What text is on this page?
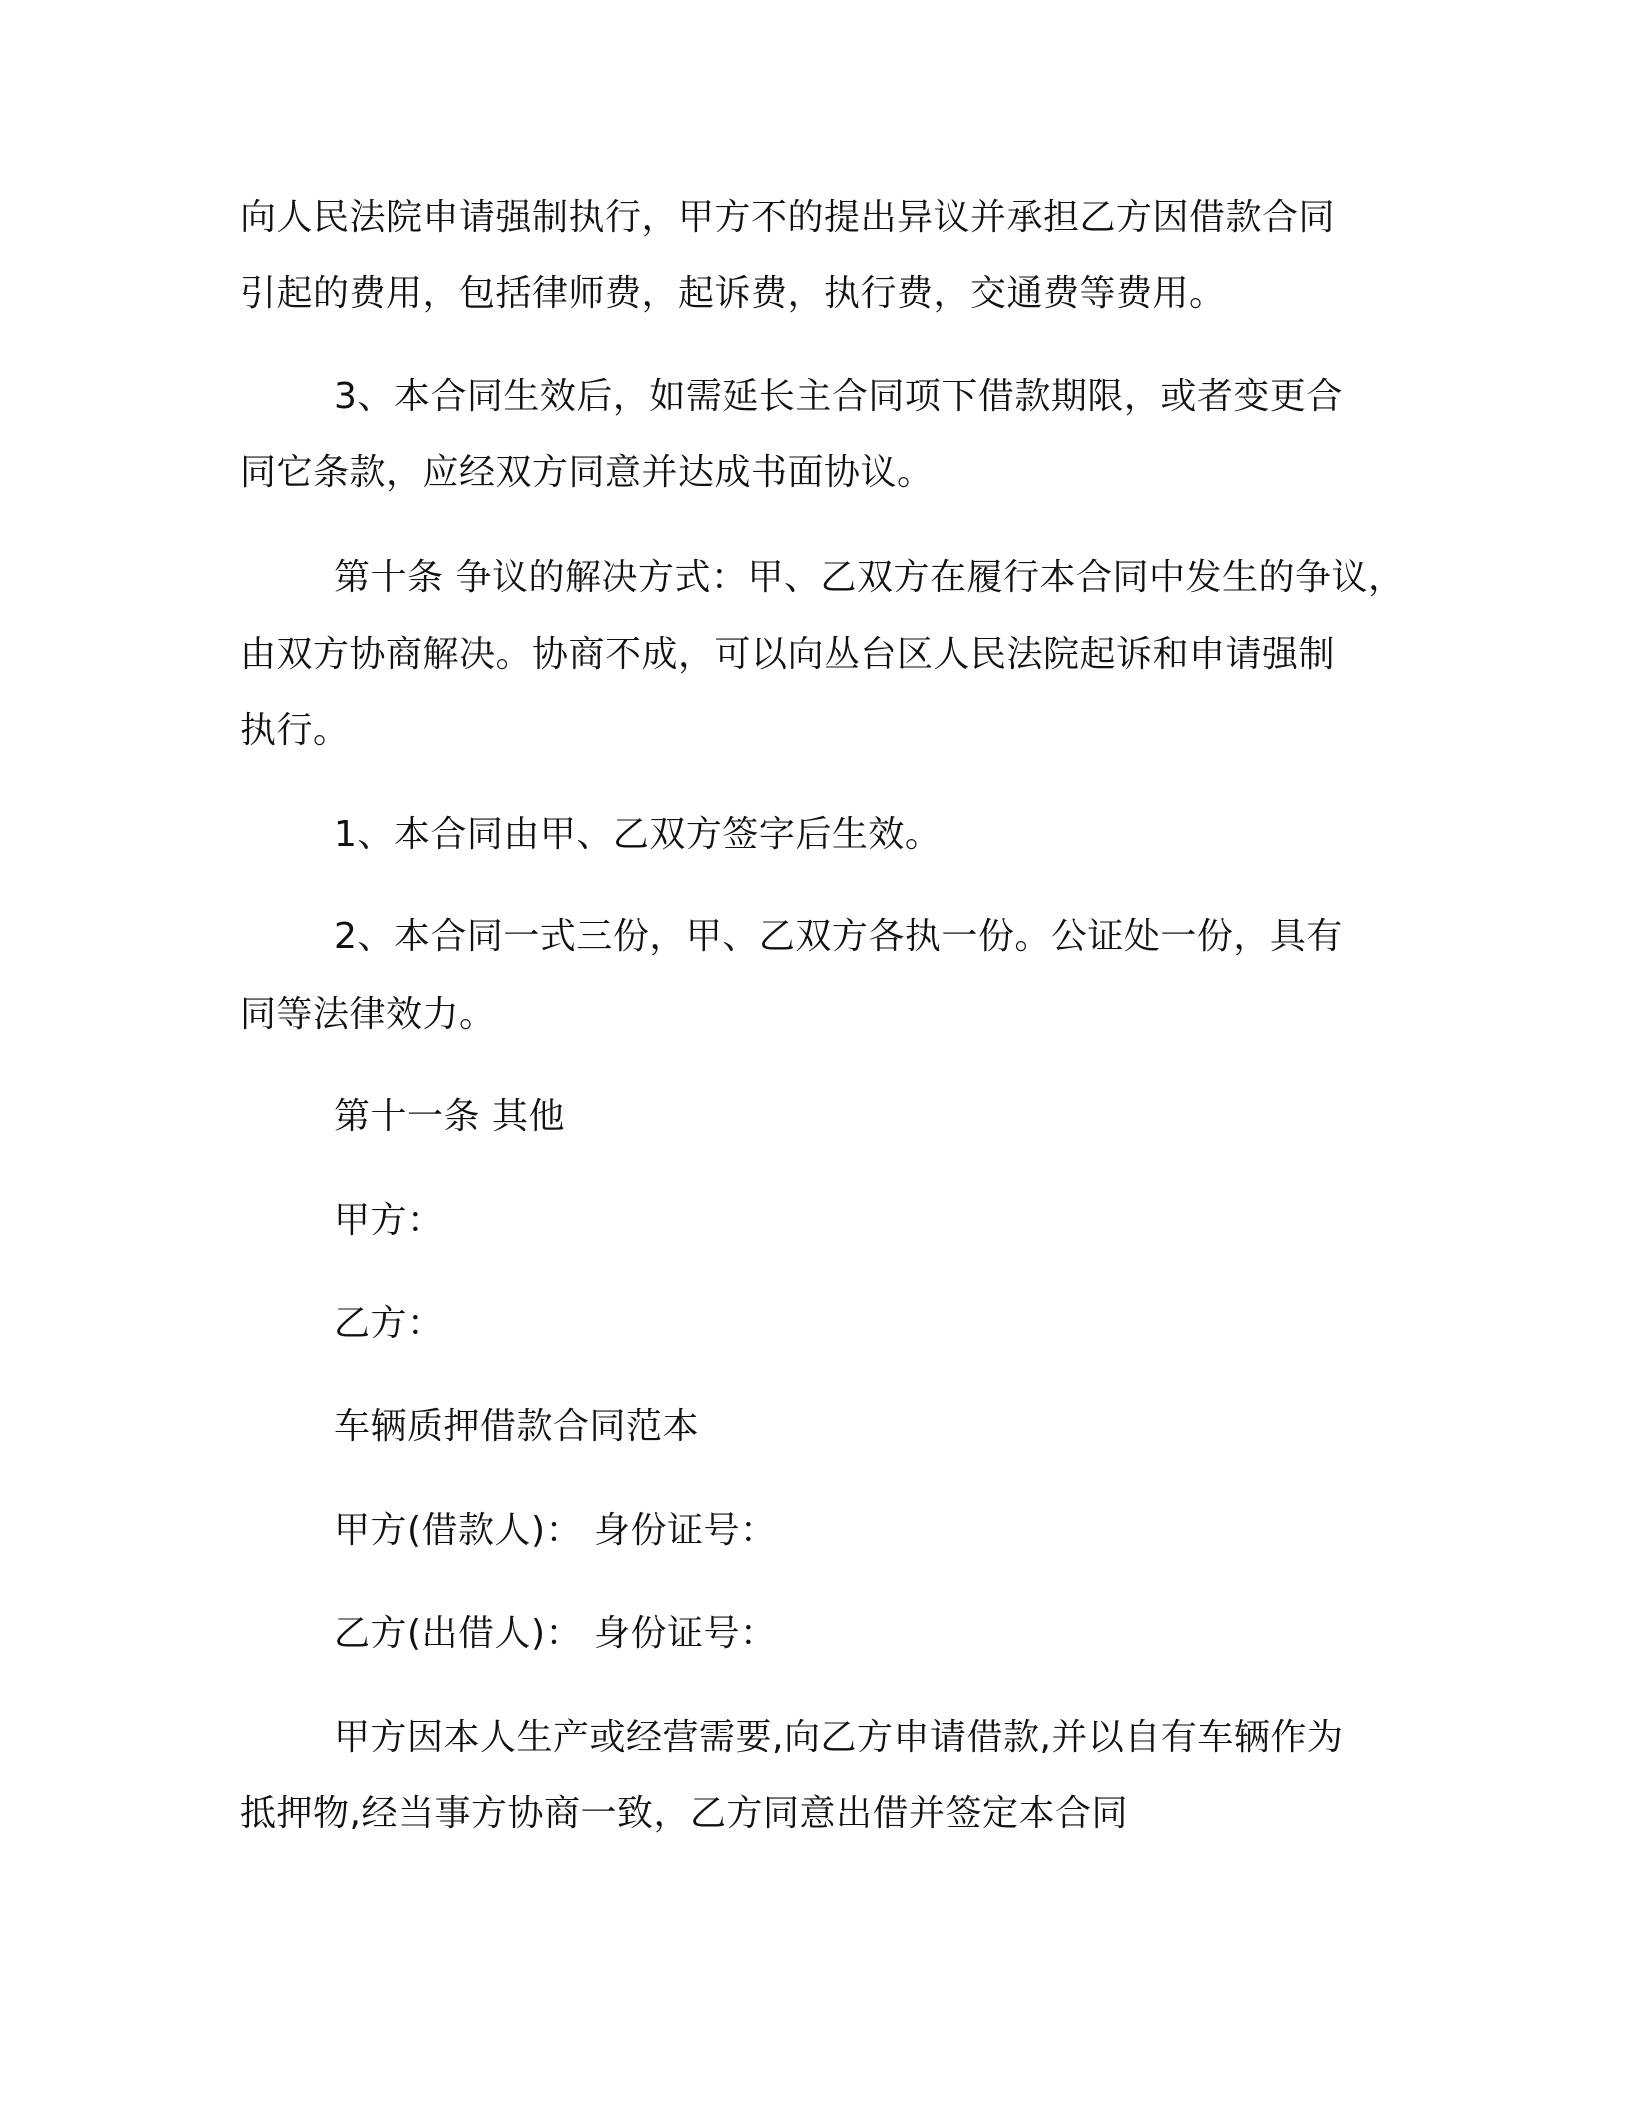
向人民法院申请强制执行，甲方不的提出异议并承担乙方因借款合同
引起的费用，包括律师费，起诉费，执行费，交通费等费用。
3、本合同生效后，如需延长主合同项下借款期限，或者变更合
同它条款，应经双方同意并达成书面协议。
第十条 争议的解决方式：甲、乙双方在履行本合同中发生的争议，
由双方协商解决。协商不成，可以向丛台区人民法院起诉和申请强制
执行。
1、本合同由甲、乙双方签字后生效。
2、本合同一式三份，甲、乙双方各执一份。公证处一份，具有
同等法律效力。
第十一条 其他
甲方：
乙方：
车辆质押借款合同范本
甲方(借款人)： 身份证号：
乙方(出借人)： 身份证号：
甲方因本人生产或经营需要,向乙方申请借款,并以自有车辆作为
抵押物,经当事方协商一致，乙方同意出借并签定本合同
